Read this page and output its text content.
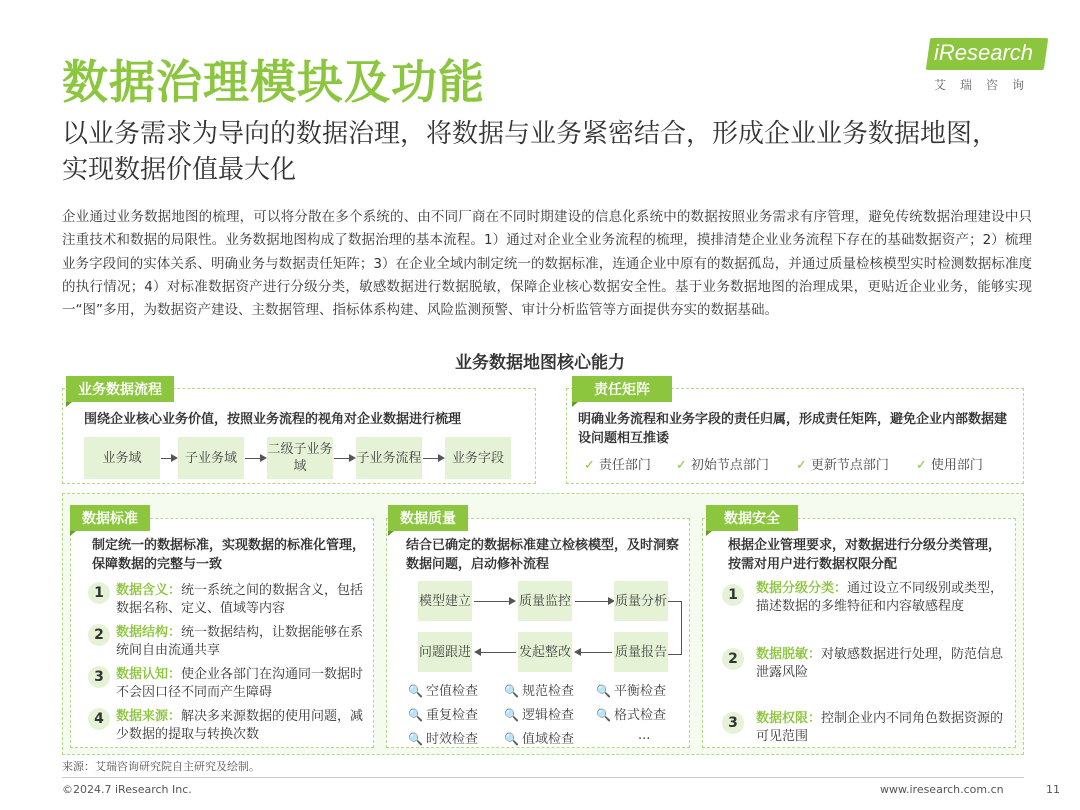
数据治理模块及功能
iResearch
艾瑞咨询
以业务需求为导向的数据治理，将数据与业务紧密结合，形成企业业务数据地图，实现数据价值最大化
企业通过业务数据地图的梳理，可以将分散在多个系统的、由不同厂商在不同时期建设的信息化系统中的数据按照业务需求有序管理，避免传统数据治理建设中只注重技术和数据的局限性。业务数据地图构成了数据治理的基本流程。1）通过对企业全业务流程的梳理，摸排清楚企业业务流程下存在的基础数据资产；2）梳理业务字段间的实体关系、明确业务与数据责任矩阵；3）在企业全域内制定统一的数据标准，连通企业中原有的数据孤岛，并通过质量检核模型实时检测数据标准度的执行情况；4）对标准数据资产进行分级分类，敏感数据进行数据脱敏，保障企业核心数据安全性。基于业务数据地图的治理成果，更贴近企业业务，能够实现一“图”多用，为数据资产建设、主数据管理、指标体系构建、风险监测预警、审计分析监管等方面提供夯实的数据基础。
业务数据地图核心能力
业务数据流程
围绕企业核心业务价值，按照业务流程的视角对企业数据进行梳理
业务域	子业务域
二级子业务域
子业务流程	业务字段
责任矩阵
明确业务流程和业务字段的责任归属，形成责任矩阵，避免企业内部数据建设问题相互推诿
✓ 责任部门 ✓ 初始节点部门 ✓ 更新节点部门 ✓ 使用部门
数据标准
制定统一的数据标准，实现数据的标准化管理，保障数据的完整与一致
1 数据含义：统一系统之间的数据含义，包括数据名称、定义、值域等内容
2 数据结构：统一数据结构，让数据能够在系统间自由流通共享
3 数据认知：使企业各部门在沟通同一数据时不会因口径不同而产生障碍
4 数据来源：解决多来源数据的使用问题，减少数据的提取与转换次数
数据质量
结合已确定的数据标准建立检核模型，及时洞察数据问题，启动修补流程
模型建立	质量监控	质量分析
问题跟进	发起整改	质量报告
🔍 空值检查 🔍 规范检查 🔍 平衡检查
🔍 重复检查 🔍 逻辑检查 🔍 格式检查
🔍 时效检查 🔍 值域检查	...
数据安全
根据企业管理要求，对数据进行分级分类管理，按需对用户进行数据权限分配
1	数据分级分类：通过设立不同级别或类型，描述数据的多维特征和内容敏感程度
2	数据脱敏：对敏感数据进行处理，防范信息泄露风险
3	数据权限：控制企业内不同角色数据资源的可见范围
来源：艾瑞咨询研究院自主研究及绘制。
©2024.7 iResearch Inc.	www.iresearch.com.cn	11
